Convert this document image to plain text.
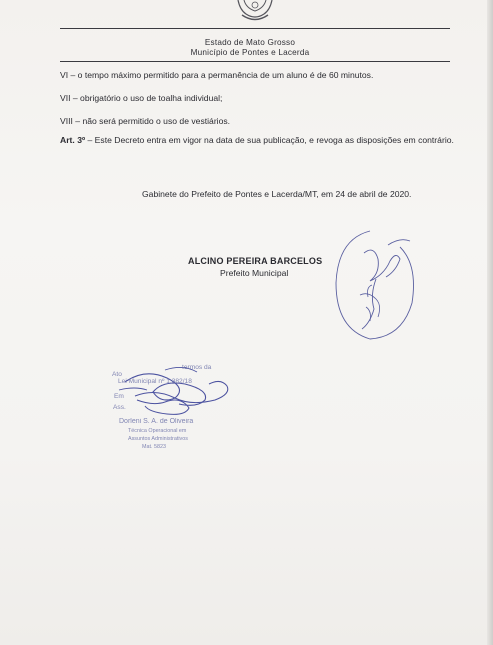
Estado de Mato Grosso
Município de Pontes e Lacerda
VI – o tempo máximo permitido para a permanência de um aluno é de 60 minutos.
VII – obrigatório o uso de toalha individual;
VIII – não será permitido o uso de vestiários.
Art. 3º – Este Decreto entra em vigor na data de sua publicação, e revoga as disposições em contrário.
Gabinete do Prefeito de Pontes e Lacerda/MT, em 24 de abril de 2020.
ALCINO PEREIRA BARCELOS
Prefeito Municipal
Ato
termos da
Lei Municipal nº 1.382/18
Em
Ass.
Dorleni S. A. de Oliveira
Técnica Operacional em
Assuntos Administrativos
Mat. 5823
